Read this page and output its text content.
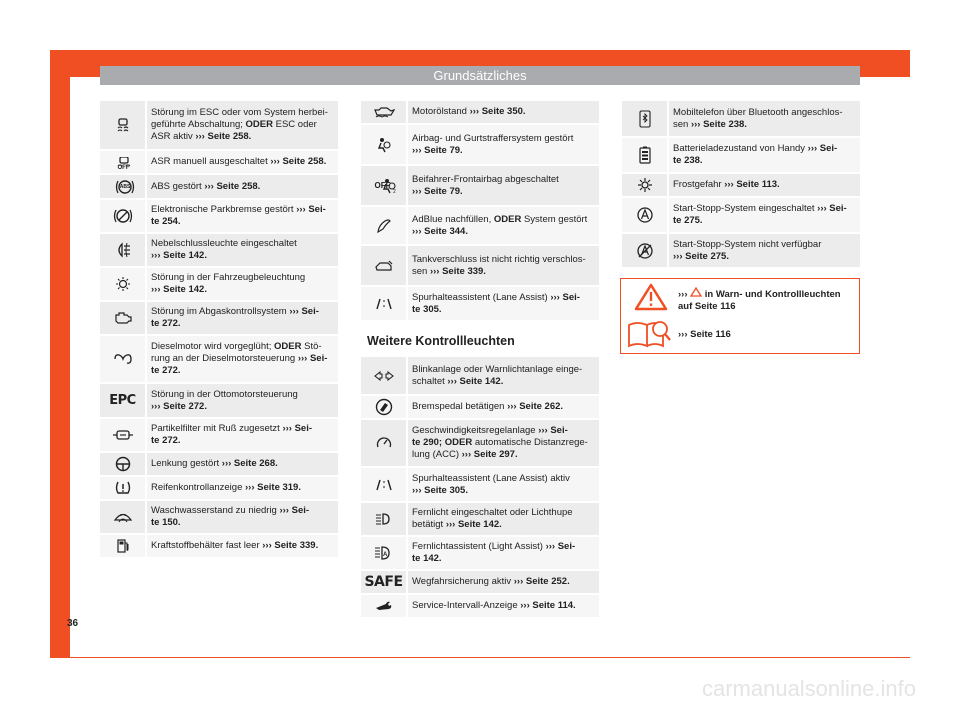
Grundsätzliches
Störung im ESC oder vom System herbei-
geführte Abschaltung; ODER ESC oder
ASR aktiv ››› Seite 258.
OFF
ASR manuell ausgeschaltet ››› Seite 258.
ABS ABS gestört ››› Seite 258.
Elektronische Parkbremse gestört ››› Sei-
te 254.
Nebelschlussleuchte eingeschaltet
››› Seite 142.
Störung in der Fahrzeugbeleuchtung
››› Seite 142.
Störung im Abgaskontrollsystem ››› Sei-
te 272.
Dieselmotor wird vorgeglüht; ODER Stö-
rung an der Dieselmotorsteuerung ››› Sei-
te 272.
EPC Störung in der Ottomotorsteuerung
››› Seite 272.
Partikelfilter mit Ruß zugesetzt ››› Sei-
te 272.
Lenkung gestört ››› Seite 268.
Reifenkontrollanzeige ››› Seite 319.
Waschwasserstand zu niedrig ››› Sei-
te 150.
Kraftstoffbehälter fast leer ››› Seite 339.
Motorölstand ››› Seite 350.
Airbag- und Gurtstraffersystem gestört
››› Seite 79.
2
OFF
Beifahrer-Frontairbag abgeschaltet
››› Seite 79.
AdBlue nachfüllen, ODER System gestört
››› Seite 344.
Tankverschluss ist nicht richtig verschlos-
sen ››› Seite 339.
Spurhalteassistent (Lane Assist) ››› Sei-
te 305.
Weitere Kontrollleuchten
Blinkanlage oder Warnlichtanlage einge-
schaltet ››› Seite 142.
Bremspedal betätigen ››› Seite 262.
Geschwindigkeitsregelanlage ››› Sei-
te 290; ODER automatische Distanzrege-
lung (ACC) ››› Seite 297.
Spurhalteassistent (Lane Assist) aktiv
››› Seite 305.
Fernlicht eingeschaltet oder Lichthupe
betätigt ››› Seite 142.
A
Fernlichtassistent (Light Assist) ››› Sei-
te 142.
SAFE Wegfahrsicherung aktiv ››› Seite 252.
Service-Intervall-Anzeige ››› Seite 114.
Mobiltelefon über Bluetooth angeschlos-
sen ››› Seite 238.
Batterieladezustand von Handy ››› Sei-
te 238.
Frostgefahr ››› Seite 113.
Start-Stopp-System eingeschaltet ››› Sei-
te 275.
Start-Stopp-System nicht verfügbar
››› Seite 275.
››› in Warn- und Kontrollleuchten
auf Seite 116
››› Seite 116
36
carmanualsonline.info
